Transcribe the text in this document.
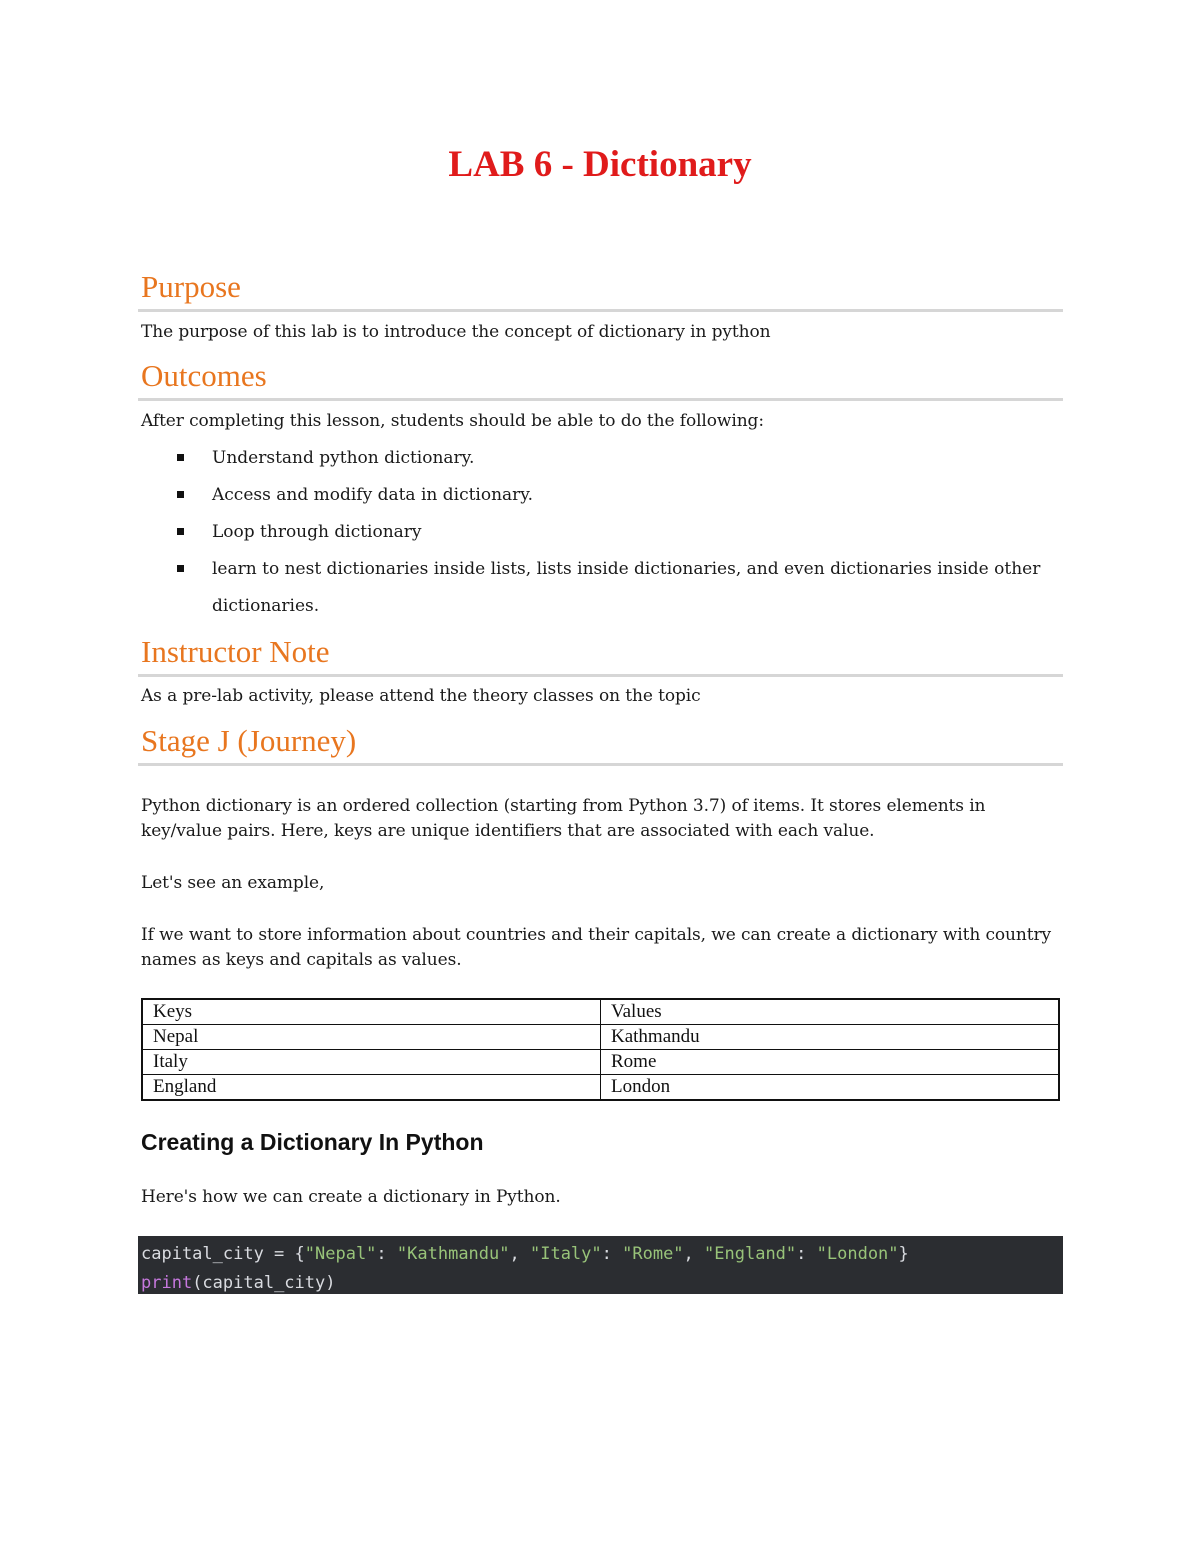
LAB 6 - Dictionary
Purpose

The purpose of this lab is to introduce the concept of dictionary in python

Outcomes

After completing this lesson, students should be able to do the following:

Understand python dictionary.
Access and modify data in dictionary.
Loop through dictionary
learn to nest dictionaries inside lists, lists inside dictionaries, and even dictionaries inside other dictionaries.
Instructor Note

As a pre-lab activity, please attend the theory classes on the topic

Stage J (Journey)

Python dictionary is an ordered collection (starting from Python 3.7) of items. It stores elements in key/value pairs. Here, keys are unique identifiers that are associated with each value.

Let's see an example,

If we want to store information about countries and their capitals, we can create a dictionary with country names as keys and capitals as values.

Keys	Values
Nepal	Kathmandu
Italy	Rome
England	London
Creating a Dictionary In Python

Here's how we can create a dictionary in Python.

capital_city = {"Nepal": "Kathmandu", "Italy": "Rome", "England": "London"}
print(capital_city)
